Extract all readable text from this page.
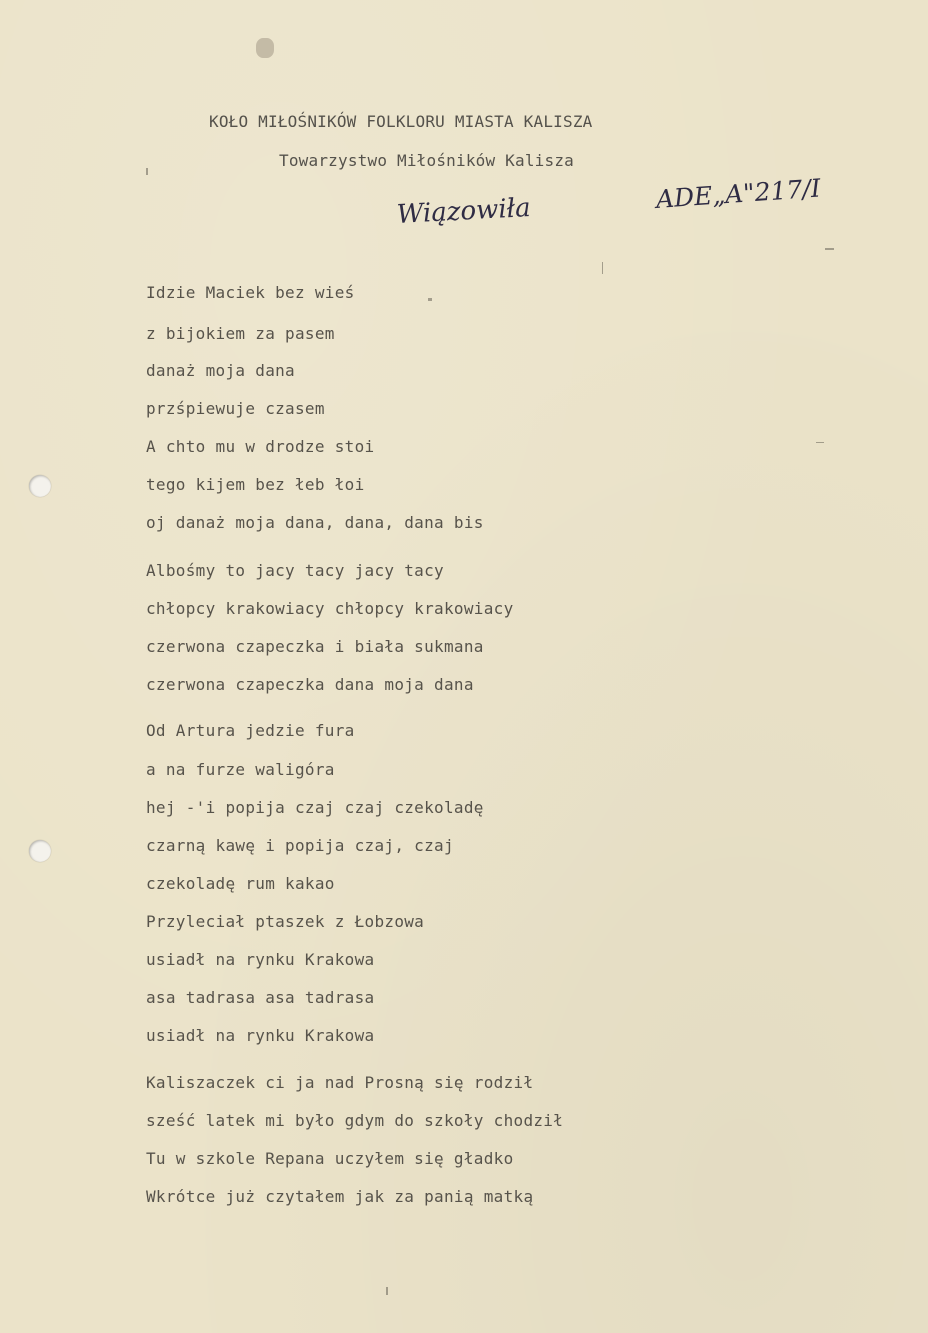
KOŁO MIŁOŚNIKÓW FOLKLORU MIASTA KALISZA
Towarzystwo Miłośników Kalisza
Wiązowiła	ADE„A"217/I
Idzie Maciek bez wieś
z bijokiem za pasem
danaż moja dana
przśpiewuje czasem
A chto mu w drodze stoi
tego kijem bez łeb łoi
oj danaż moja dana, dana, dana bis
Albośmy to jacy tacy jacy tacy
chłopcy krakowiacy chłopcy krakowiacy
czerwona czapeczka i biała sukmana
czerwona czapeczka dana moja dana
Od Artura jedzie fura
a na furze waligóra
hej -'i popija czaj czaj czekoladę
czarną kawę i popija czaj, czaj
czekoladę rum kakao
Przyleciał ptaszek z Łobzowa
usiadł na rynku Krakowa
asa tadrasa asa tadrasa
usiadł na rynku Krakowa
Kaliszaczek ci ja nad Prosną się rodził
sześć latek mi było gdym do szkoły chodził
Tu w szkole Repana uczyłem się gładko
Wkrótce już czytałem jak za panią matką
